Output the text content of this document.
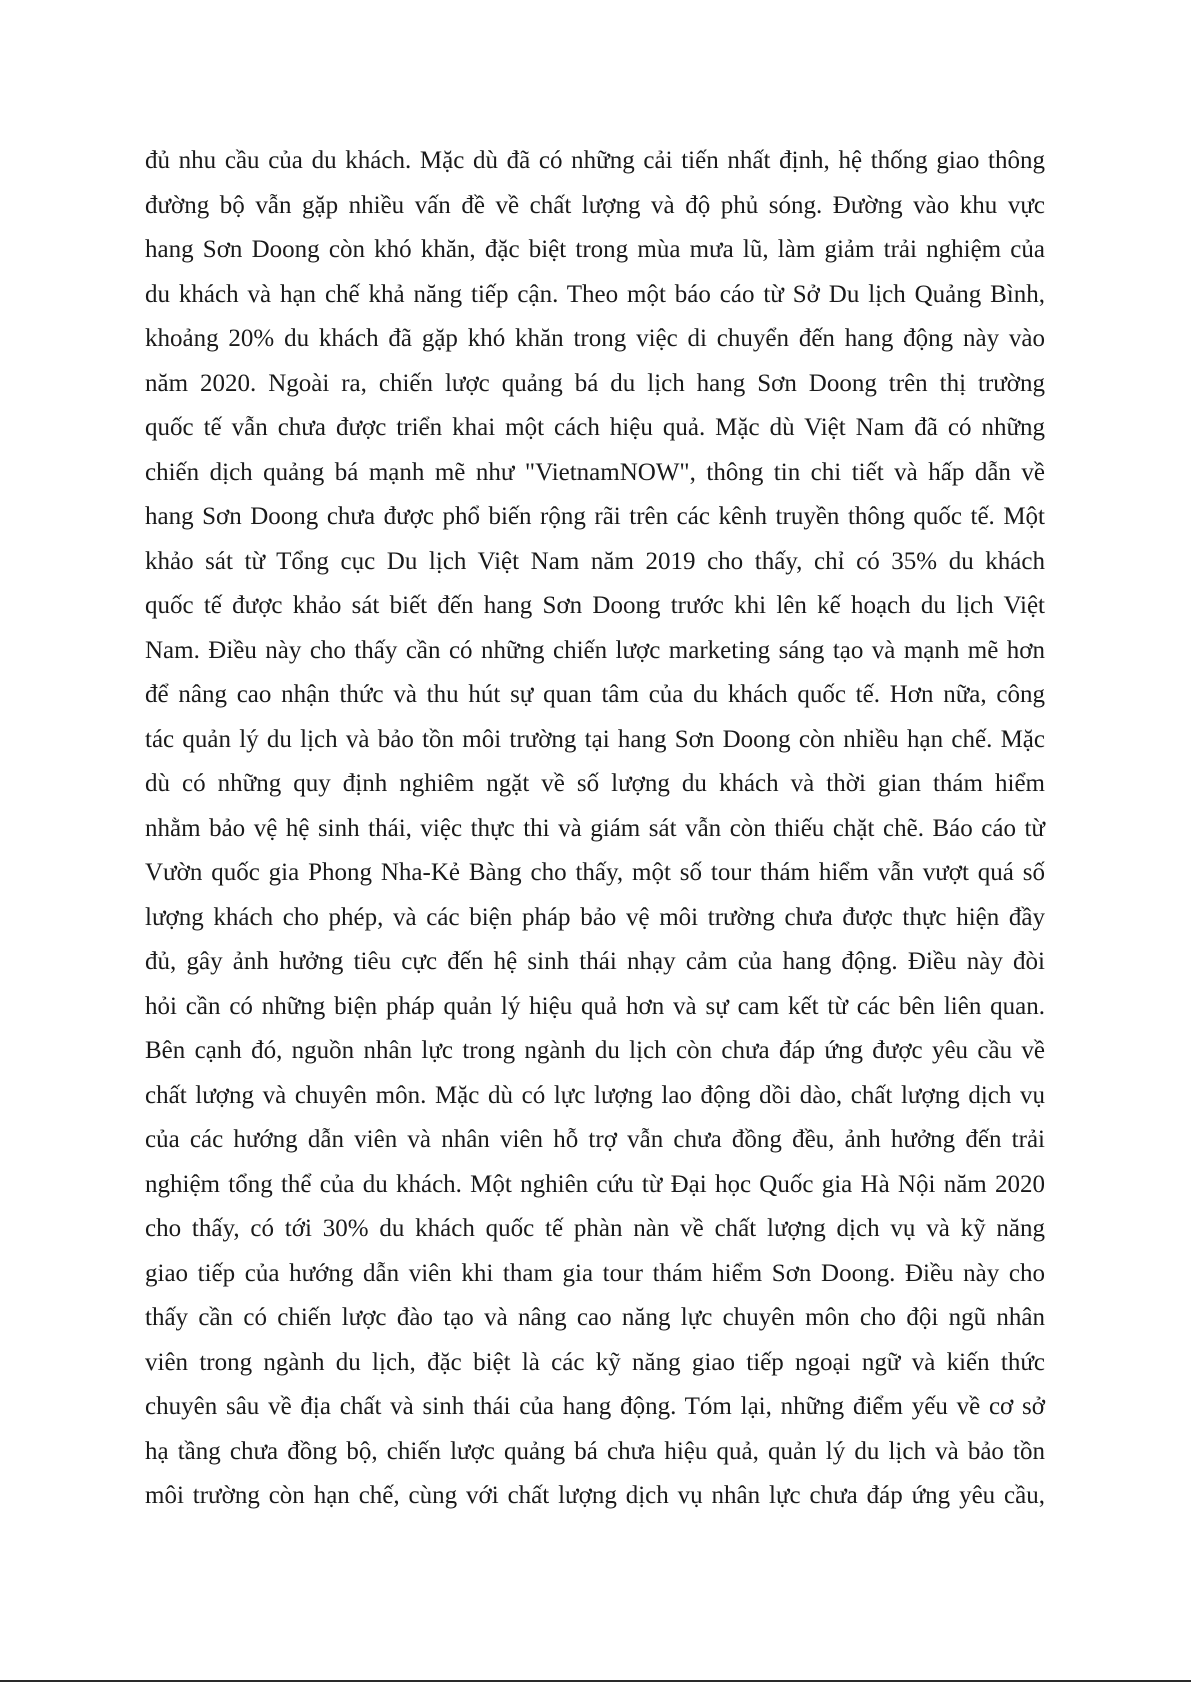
đủ nhu cầu của du khách. Mặc dù đã có những cải tiến nhất định, hệ thống giao thông
đường bộ vẫn gặp nhiều vấn đề về chất lượng và độ phủ sóng. Đường vào khu vực
hang Sơn Doong còn khó khăn, đặc biệt trong mùa mưa lũ, làm giảm trải nghiệm của
du khách và hạn chế khả năng tiếp cận. Theo một báo cáo từ Sở Du lịch Quảng Bình,
khoảng 20% du khách đã gặp khó khăn trong việc di chuyển đến hang động này vào
năm 2020. Ngoài ra, chiến lược quảng bá du lịch hang Sơn Doong trên thị trường
quốc tế vẫn chưa được triển khai một cách hiệu quả. Mặc dù Việt Nam đã có những
chiến dịch quảng bá mạnh mẽ như "VietnamNOW", thông tin chi tiết và hấp dẫn về
hang Sơn Doong chưa được phổ biến rộng rãi trên các kênh truyền thông quốc tế. Một
khảo sát từ Tổng cục Du lịch Việt Nam năm 2019 cho thấy, chỉ có 35% du khách
quốc tế được khảo sát biết đến hang Sơn Doong trước khi lên kế hoạch du lịch Việt
Nam. Điều này cho thấy cần có những chiến lược marketing sáng tạo và mạnh mẽ hơn
để nâng cao nhận thức và thu hút sự quan tâm của du khách quốc tế. Hơn nữa, công
tác quản lý du lịch và bảo tồn môi trường tại hang Sơn Doong còn nhiều hạn chế. Mặc
dù có những quy định nghiêm ngặt về số lượng du khách và thời gian thám hiểm
nhằm bảo vệ hệ sinh thái, việc thực thi và giám sát vẫn còn thiếu chặt chẽ. Báo cáo từ
Vườn quốc gia Phong Nha-Kẻ Bàng cho thấy, một số tour thám hiểm vẫn vượt quá số
lượng khách cho phép, và các biện pháp bảo vệ môi trường chưa được thực hiện đầy
đủ, gây ảnh hưởng tiêu cực đến hệ sinh thái nhạy cảm của hang động. Điều này đòi
hỏi cần có những biện pháp quản lý hiệu quả hơn và sự cam kết từ các bên liên quan.
Bên cạnh đó, nguồn nhân lực trong ngành du lịch còn chưa đáp ứng được yêu cầu về
chất lượng và chuyên môn. Mặc dù có lực lượng lao động dồi dào, chất lượng dịch vụ
của các hướng dẫn viên và nhân viên hỗ trợ vẫn chưa đồng đều, ảnh hưởng đến trải
nghiệm tổng thể của du khách. Một nghiên cứu từ Đại học Quốc gia Hà Nội năm 2020
cho thấy, có tới 30% du khách quốc tế phàn nàn về chất lượng dịch vụ và kỹ năng
giao tiếp của hướng dẫn viên khi tham gia tour thám hiểm Sơn Doong. Điều này cho
thấy cần có chiến lược đào tạo và nâng cao năng lực chuyên môn cho đội ngũ nhân
viên trong ngành du lịch, đặc biệt là các kỹ năng giao tiếp ngoại ngữ và kiến thức
chuyên sâu về địa chất và sinh thái của hang động. Tóm lại, những điểm yếu về cơ sở
hạ tầng chưa đồng bộ, chiến lược quảng bá chưa hiệu quả, quản lý du lịch và bảo tồn
môi trường còn hạn chế, cùng với chất lượng dịch vụ nhân lực chưa đáp ứng yêu cầu,
